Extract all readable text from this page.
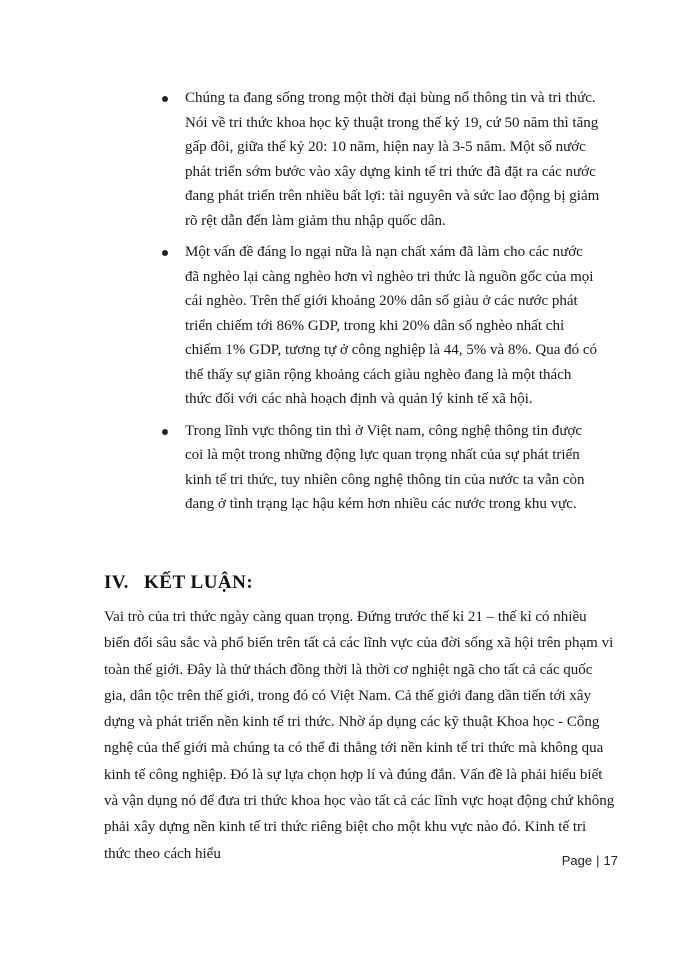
Chúng ta đang sống trong một thời đại bùng nổ thông tin và tri thức. Nói về tri thức khoa học kỹ thuật trong thế kỷ 19, cứ 50 năm thì tăng gấp đôi, giữa thế kỷ 20: 10 năm, hiện nay là 3-5 năm. Một số nước phát triển sớm bước vào xây dựng kinh tế tri thức đã đặt ra các nước đang phát triển trên nhiều bất lợi: tài nguyên và sức lao động bị giảm rõ rệt dẫn đến làm giảm thu nhập quốc dân.

Một vấn đề đáng lo ngại nữa là nạn chất xám đã làm cho các nước đã nghèo lại càng nghèo hơn vì nghèo tri thức là nguồn gốc của mọi cái nghèo. Trên thế giới khoảng 20% dân số giàu ở các nước phát triển chiếm tới 86% GDP, trong khi 20% dân số nghèo nhất chỉ chiếm 1% GDP, tương tự ở công nghiệp là 44, 5% và 8%. Qua đó có thể thấy sự giãn rộng khoảng cách giàu nghèo đang là một thách thức đối với các nhà hoạch định và quản lý kinh tế xã hội.

Trong lĩnh vực thông tin thì ở Việt nam, công nghệ thông tin được coi là một trong những động lực quan trọng nhất của sự phát triển kinh tế tri thức, tuy nhiên công nghệ thông tin của nước ta vẫn còn đang ở tình trạng lạc hậu kém hơn nhiều các nước trong khu vực.

IV. KẾT LUẬN:

Vai trò của tri thức ngày càng quan trọng. Đứng trước thế kỉ 21 – thế kỉ có nhiều biến đổi sâu sắc và phổ biến trên tất cả các lĩnh vực của đời sống xã hội trên phạm vi toàn thế giới. Đây là thử thách đồng thời là thời cơ nghiệt ngã cho tất cả các quốc gia, dân tộc trên thế giới, trong đó có Việt Nam. Cả thế giới đang dần tiến tới xây dựng và phát triển nền kinh tế tri thức. Nhờ áp dụng các kỹ thuật Khoa học - Công nghệ của thế giới mà chúng ta có thể đi thẳng tới nền kinh tế tri thức mà không qua kinh tế công nghiệp. Đó là sự lựa chọn hợp lí và đúng đắn. Vấn đề là phải hiểu biết và vận dụng nó để đưa tri thức khoa học vào tất cả các lĩnh vực hoạt động chứ không phải xây dựng nền kinh tế tri thức riêng biệt cho một khu vực nào đó. Kinh tế tri thức theo cách hiểu	Page | 17
